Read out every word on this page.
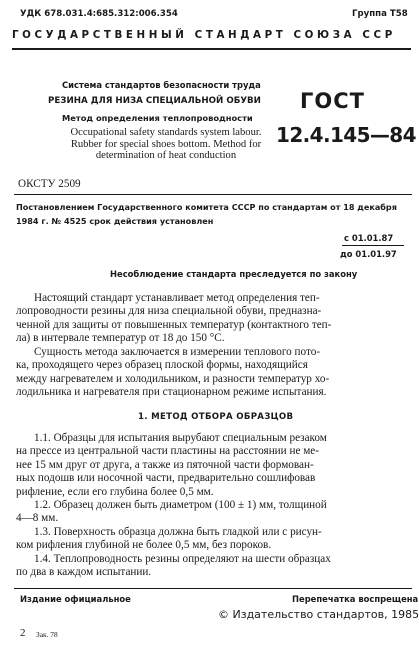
УДК 678.031.4:685.312:006.354	Группа Т58
ГОСУДАРСТВЕННЫЙ СТАНДАРТ СОЮЗА ССР
Система стандартов безопасности труда
РЕЗИНА ДЛЯ НИЗА СПЕЦИАЛЬНОЙ ОБУВИ
Метод определения теплопроводности
Occupational safety standards system labour.
Rubber for special shoes bottom. Method for
determination of heat conduction
ГОСТ
12.4.145—84
ОКСТУ 2509
Постановлением Государственного комитета СССР по стандартам от 18 декабря
1984 г. № 4525 срок действия установлен
с 01.01.87
до 01.01.97
Несоблюдение стандарта преследуется по закону
Настоящий стандарт устанавливает метод определения теп-
лопроводности резины для низа специальной обуви, предназна-
ченной для защиты от повышенных температур (контактного теп-
ла) в интервале температур от 18 до 150 °С.
Сущность метода заключается в измерении теплового пото-
ка, проходящего через образец плоской формы, находящийся
между нагревателем и холодильником, и разности температур хо-
лодильника и нагревателя при стационарном режиме испытания.
1. МЕТОД ОТБОРА ОБРАЗЦОВ
1.1. Образцы для испытания вырубают специальным резаком
на прессе из центральной части пластины на расстоянии не ме-
нее 15 мм друг от друга, а также из пяточной части формован-
ных подошв или носочной части, предварительно сошлифовав
рифление, если его глубина более 0,5 мм.
1.2. Образец должен быть диаметром (100 ± 1) мм, толщиной
4—8 мм.
1.3. Поверхность образца должна быть гладкой или с рисун-
ком рифления глубиной не более 0,5 мм, без пороков.
1.4. Теплопроводность резины определяют на шести образцах
по два в каждом испытании.
Издание официальное	Перепечатка воспрещена
© Издательство стандартов, 1985
2 Зак. 78
